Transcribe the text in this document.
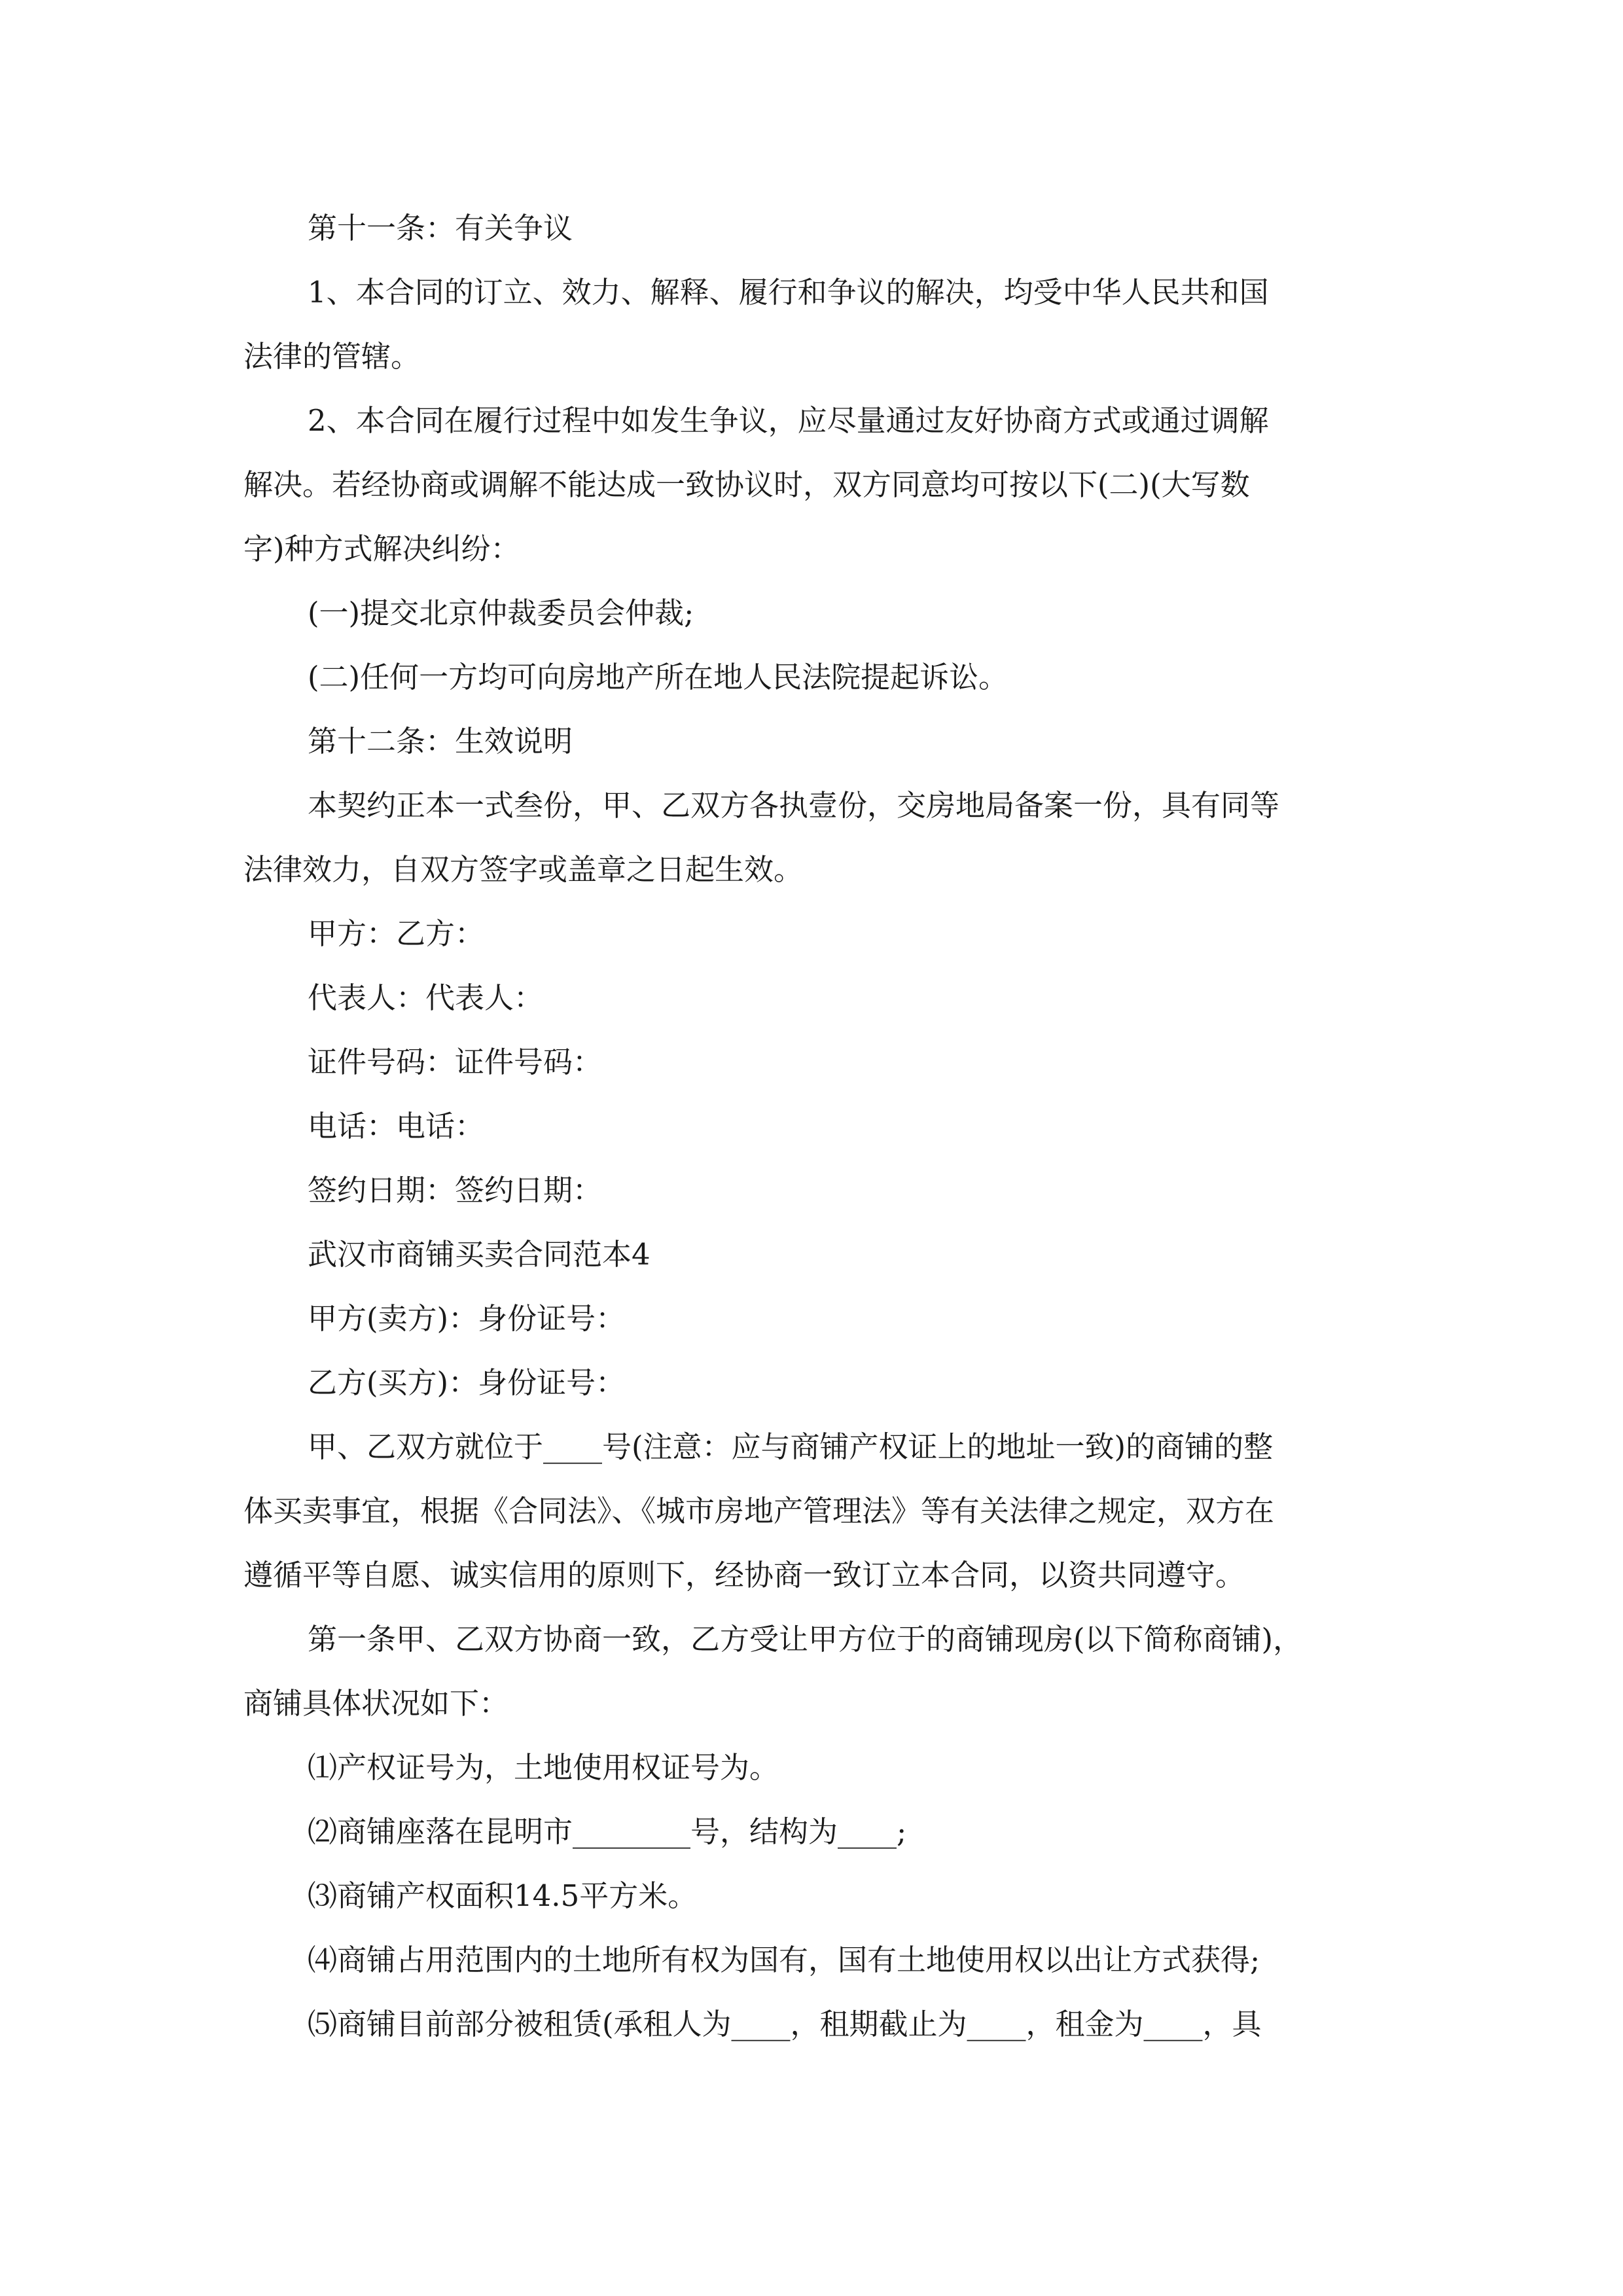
第十一条：有关争议
1、本合同的订立、效力、解释、履行和争议的解决，均受中华人民共和国
法律的管辖。
2、本合同在履行过程中如发生争议，应尽量通过友好协商方式或通过调解
解决。若经协商或调解不能达成一致协议时，双方同意均可按以下(二)(大写数
字)种方式解决纠纷：
(一)提交北京仲裁委员会仲裁;
(二)任何一方均可向房地产所在地人民法院提起诉讼。
第十二条：生效说明
本契约正本一式叁份，甲、乙双方各执壹份，交房地局备案一份，具有同等
法律效力，自双方签字或盖章之日起生效。
甲方：乙方：
代表人：代表人：
证件号码：证件号码：
电话：电话：
签约日期：签约日期：
武汉市商铺买卖合同范本4
甲方(卖方)：身份证号：
乙方(买方)：身份证号：
甲、乙双方就位于____号(注意：应与商铺产权证上的地址一致)的商铺的整
体买卖事宜，根据《合同法》、《城市房地产管理法》等有关法律之规定，双方在
遵循平等自愿、诚实信用的原则下，经协商一致订立本合同，以资共同遵守。
第一条甲、乙双方协商一致，乙方受让甲方位于的商铺现房(以下简称商铺)，
商铺具体状况如下：
⑴产权证号为，土地使用权证号为。
⑵商铺座落在昆明市________号，结构为____;
⑶商铺产权面积14.5平方米。
⑷商铺占用范围内的土地所有权为国有，国有土地使用权以出让方式获得;
⑸商铺目前部分被租赁(承租人为____，租期截止为____，租金为____，具
